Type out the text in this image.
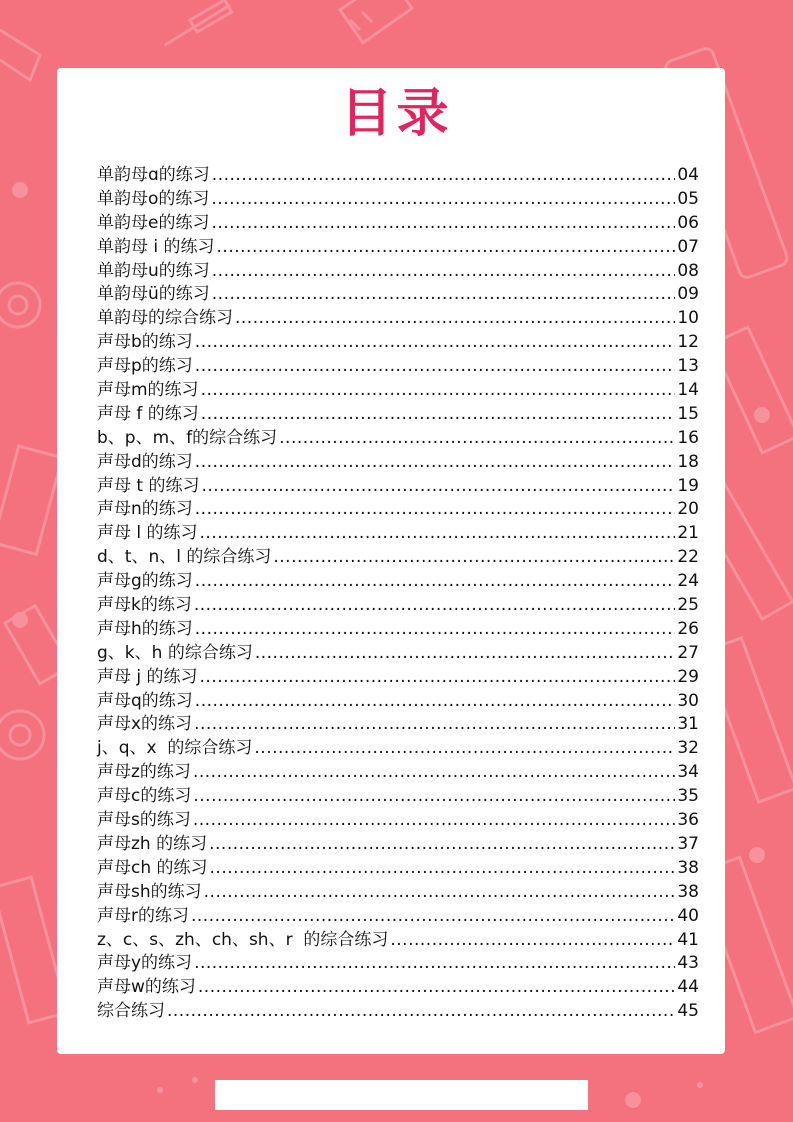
目录
单韵母ɑ的练习 .....	04
单韵母o的练习 .....	05
单韵母e的练习 .....	06
单韵母 i 的练习 .....	07
单韵母u的练习 .....	08
单韵母ü的练习 .....	09
单韵母的综合练习 .....	10
声母b的练习 .....	12
声母p的练习 .....	13
声母m的练习 .....	14
声母 f 的练习 .....	15
b、p、m、f的综合练习 .....	16
声母d的练习 .....	18
声母 t 的练习 .....	19
声母n的练习 .....	20
声母 l 的练习 .....	21
d、t、n、l 的综合练习 .....	22
声母g的练习 .....	24
声母k的练习 .....	25
声母h的练习 .....	26
g、k、h 的综合练习 .....	27
声母 j 的练习 .....	29
声母q的练习 .....	30
声母x的练习 .....	31
j、q、x  的综合练习 .....	32
声母z的练习 .....	34
声母c的练习 .....	35
声母s的练习 .....	36
声母zh 的练习 .....	37
声母ch 的练习 .....	38
声母sh的练习 .....	38
声母r的练习 .....	40
z、c、s、zh、ch、sh、r  的综合练习 .....	41
声母y的练习 .....	43
声母w的练习 .....	44
综合练习 .....	45
